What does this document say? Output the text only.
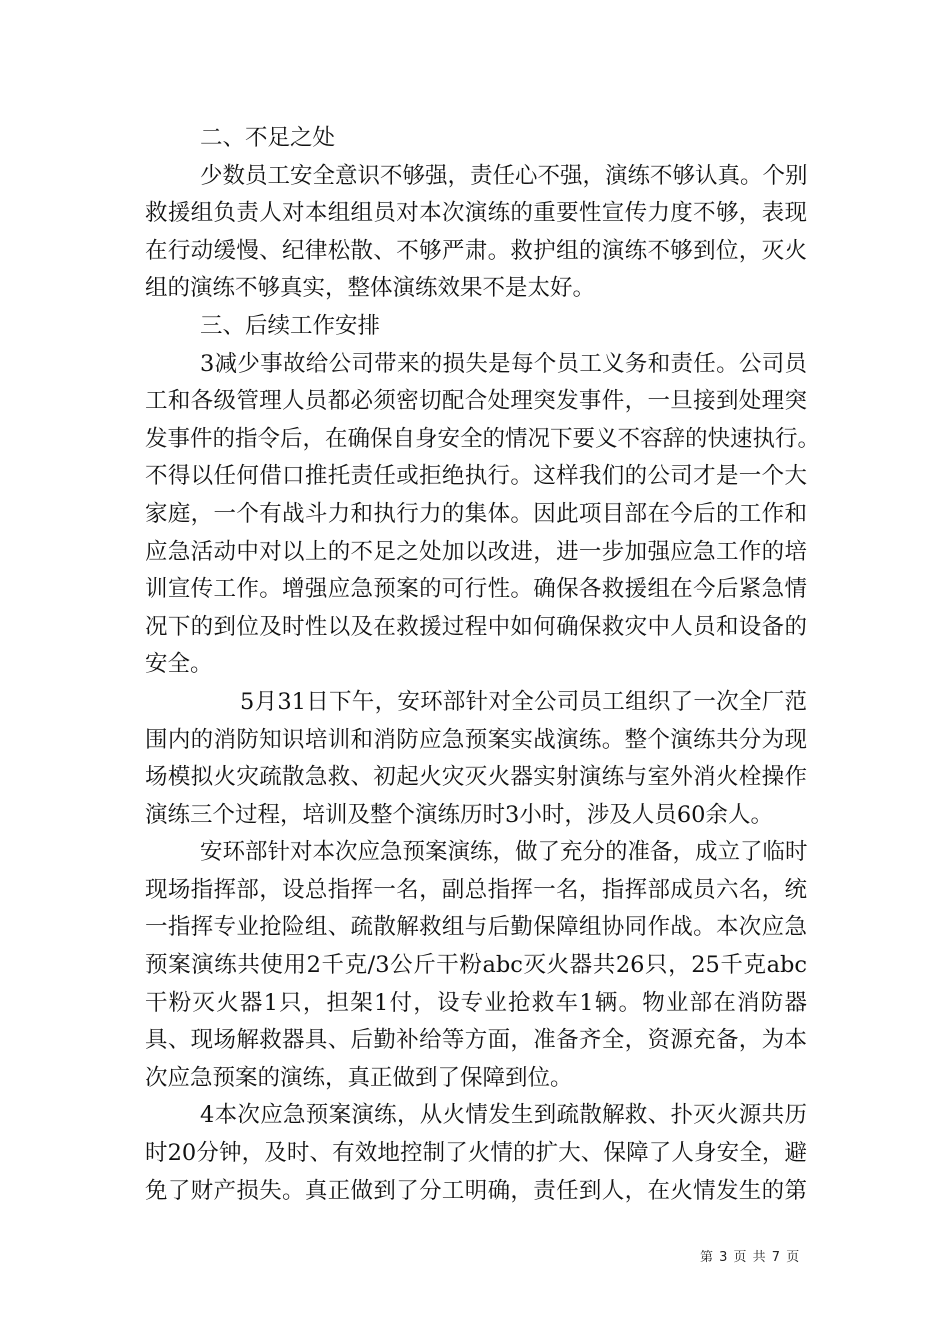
二、不足之处
少数员工安全意识不够强，责任心不强，演练不够认真。个别
救援组负责人对本组组员对本次演练的重要性宣传力度不够，表现
在行动缓慢、纪律松散、不够严肃。救护组的演练不够到位，灭火
组的演练不够真实，整体演练效果不是太好。
三、后续工作安排
3减少事故给公司带来的损失是每个员工义务和责任。公司员
工和各级管理人员都必须密切配合处理突发事件，一旦接到处理突
发事件的指令后，在确保自身安全的情况下要义不容辞的快速执行。
不得以任何借口推托责任或拒绝执行。这样我们的公司才是一个大
家庭，一个有战斗力和执行力的集体。因此项目部在今后的工作和
应急活动中对以上的不足之处加以改进，进一步加强应急工作的培
训宣传工作。增强应急预案的可行性。确保各救援组在今后紧急情
况下的到位及时性以及在救援过程中如何确保救灾中人员和设备的
安全。
5月31日下午，安环部针对全公司员工组织了一次全厂范
围内的消防知识培训和消防应急预案实战演练。整个演练共分为现
场模拟火灾疏散急救、初起火灾灭火器实射演练与室外消火栓操作
演练三个过程，培训及整个演练历时3小时，涉及人员60余人。
安环部针对本次应急预案演练，做了充分的准备，成立了临时
现场指挥部，设总指挥一名，副总指挥一名，指挥部成员六名，统
一指挥专业抢险组、疏散解救组与后勤保障组协同作战。本次应急
预案演练共使用2千克/3公斤干粉abc灭火器共26只，25千克abc
干粉灭火器1只，担架1付，设专业抢救车1辆。物业部在消防器
具、现场解救器具、后勤补给等方面，准备齐全，资源充备，为本
次应急预案的演练，真正做到了保障到位。
4本次应急预案演练，从火情发生到疏散解救、扑灭火源共历
时20分钟，及时、有效地控制了火情的扩大、保障了人身安全，避
免了财产损失。真正做到了分工明确，责任到人，在火情发生的第
第 3 页 共 7 页
